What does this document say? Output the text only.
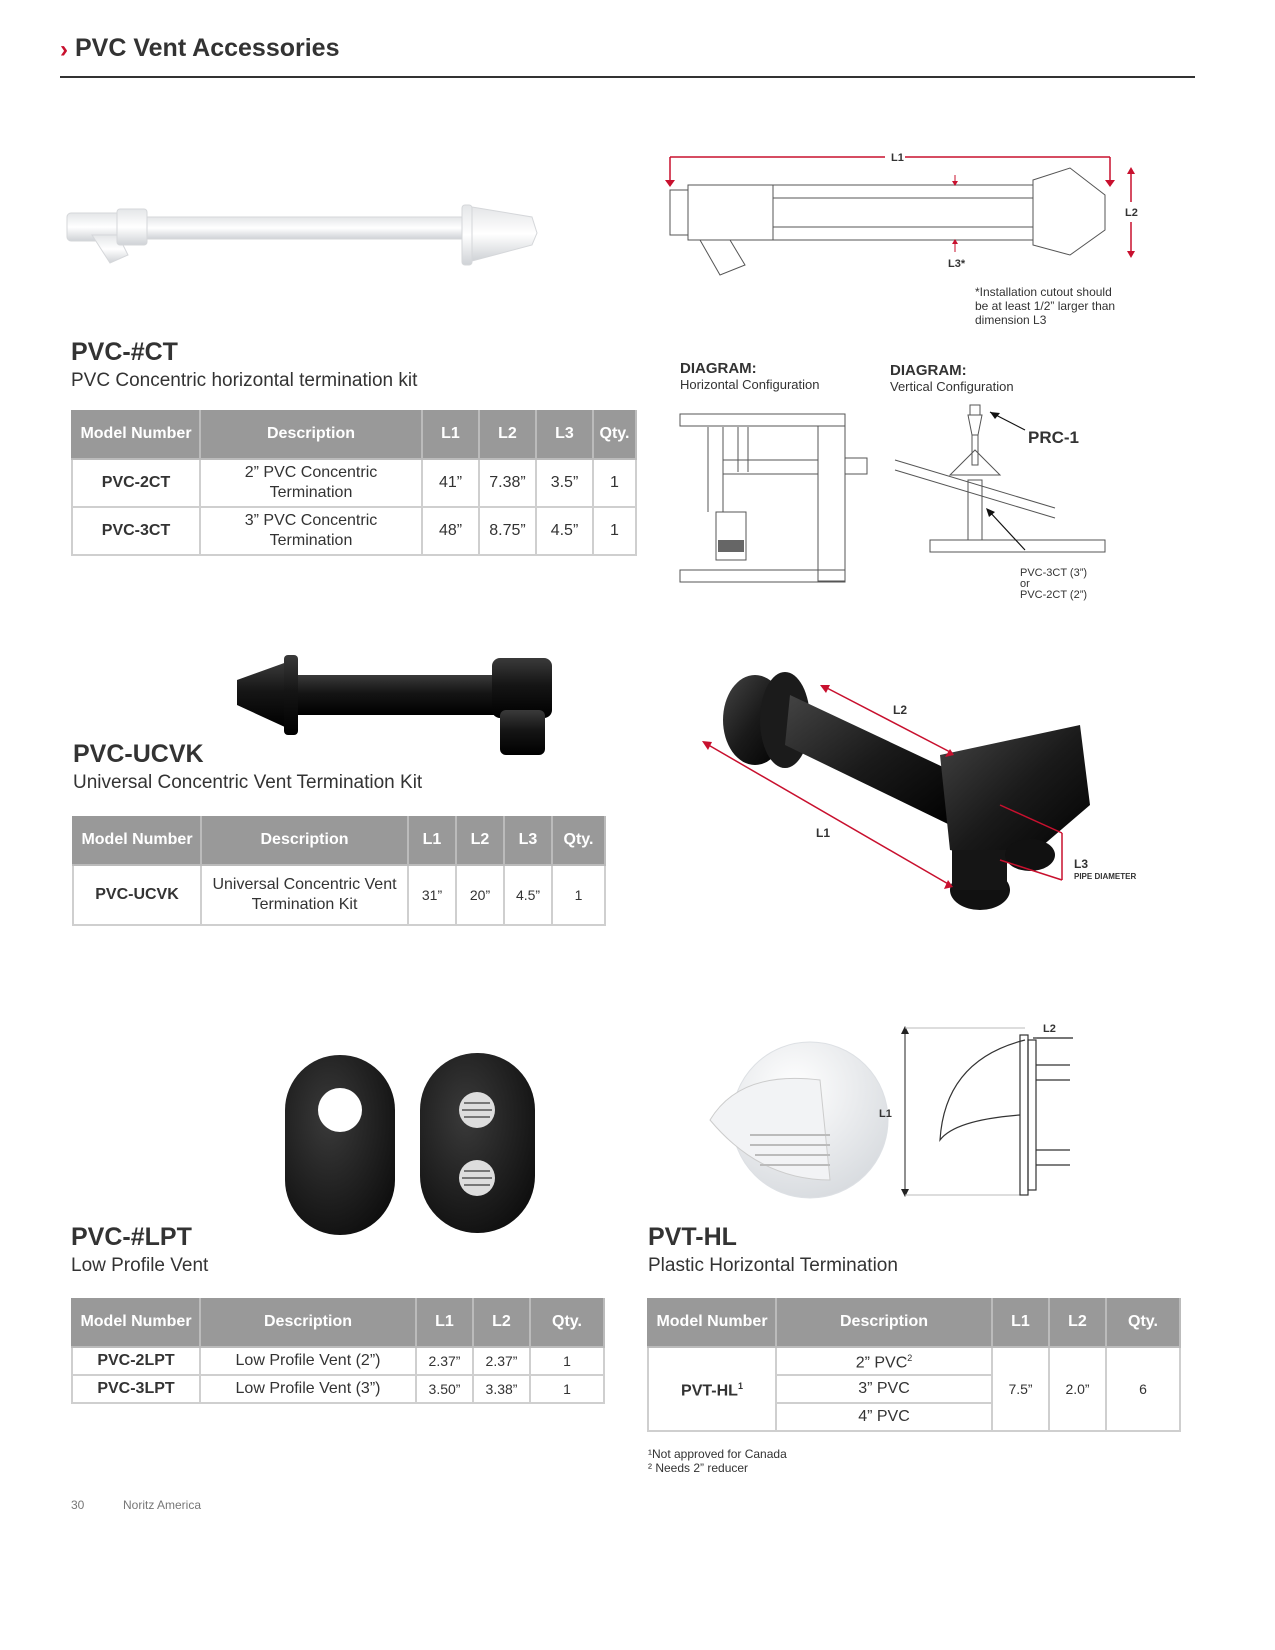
› PVC Vent Accessories
L1
L2
L3*
*Installation cutout should
be at least 1/2” larger than
dimension L3
PVC-#CT
PVC Concentric horizontal termination kit
Model Number	Description	L1	L2	L3	Qty.
PVC-2CT	2” PVC Concentric
Termination	41”	7.38”	3.5”	1
PVC-3CT	3” PVC Concentric
Termination	48”	8.75”	4.5”	1
DIAGRAM:
Horizontal Configuration
DIAGRAM:
Vertical Configuration
PRC-1
PVC-3CT (3”)
or
PVC-2CT (2”)
PVC-UCVK
Universal Concentric Vent Termination Kit
Model Number	Description	L1	L2	L3	Qty.
PVC-UCVK	Universal Concentric Vent
Termination Kit	31”	20”	4.5”	1
L2
L1
L3
PIPE DIAMETER
PVC-#LPT
Low Profile Vent
Model Number	Description	L1	L2	Qty.
PVC-2LPT	Low Profile Vent (2”)	2.37”	2.37”	1
PVC-3LPT	Low Profile Vent (3”)	3.50”	3.38”	1
L1
L2
PVT-HL
Plastic Horizontal Termination
Model Number	Description	L1	L2	Qty.
PVT-$HL^1$	2” PVC$^2$	7.5”	2.0”	6
	3” PVC			
	4” PVC			
¹Not approved for Canada
² Needs 2” reducer
30	Noritz America
